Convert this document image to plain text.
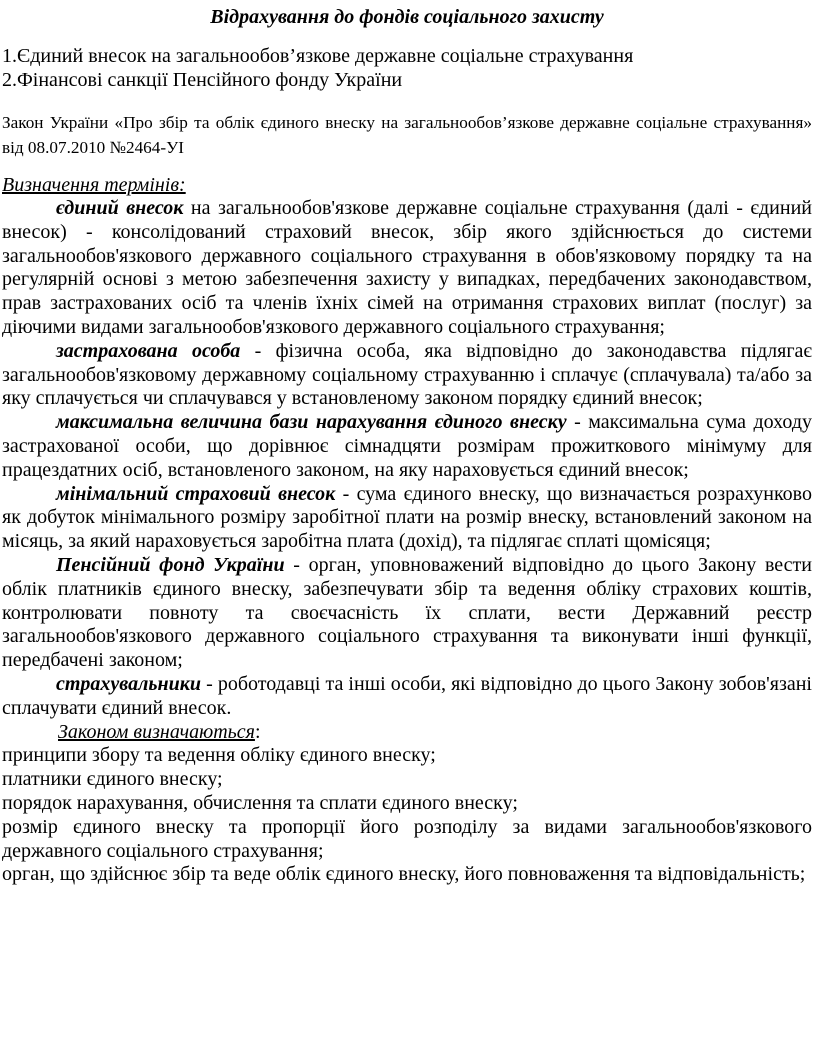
Відрахування до фондів соціального захисту

1.Єдиний внесок на загальнообов’язкове державне соціальне страхування

2.Фінансові санкції Пенсійного фонду України

Закон України «Про збір та облік єдиного внеску на загальнообов’язкове державне соціальне страхування» від 08.07.2010 №2464-УІ

Визначення термінів:

єдиний внесок на загальнообов'язкове державне соціальне страхування (далі - єдиний внесок) - консолідований страховий внесок, збір якого здійснюється до системи загальнообов'язкового державного соціального страхування в обов'язковому порядку та на регулярній основі з метою забезпечення захисту у випадках, передбачених законодавством, прав застрахованих осіб та членів їхніх сімей на отримання страхових виплат (послуг) за діючими видами загальнообов'язкового державного соціального страхування;

застрахована особа - фізична особа, яка відповідно до законодавства підлягає загальнообов'язковому державному соціальному страхуванню і сплачує (сплачувала) та/або за яку сплачується чи сплачувався у встановленому законом порядку єдиний внесок;

максимальна величина бази нарахування єдиного внеску - максимальна сума доходу застрахованої особи, що дорівнює сімнадцяти розмірам прожиткового мінімуму для працездатних осіб, встановленого законом, на яку нараховується єдиний внесок;

мінімальний страховий внесок - сума єдиного внеску, що визначається розрахунково як добуток мінімального розміру заробітної плати на розмір внеску, встановлений законом на місяць, за який нараховується заробітна плата (дохід), та підлягає сплаті щомісяця;

Пенсійний фонд України - орган, уповноважений відповідно до цього Закону вести облік платників єдиного внеску, забезпечувати збір та ведення обліку страхових коштів, контролювати повноту та своєчасність їх сплати, вести Державний реєстр загальнообов'язкового державного соціального страхування та виконувати інші функції, передбачені законом;

страхувальники - роботодавці та інші особи, які відповідно до цього Закону зобов'язані сплачувати єдиний внесок.

Законом визначаються:

принципи збору та ведення обліку єдиного внеску;

платники єдиного внеску;

порядок нарахування, обчислення та сплати єдиного внеску;

розмір єдиного внеску та пропорції його розподілу за видами загальнообов'язкового державного соціального страхування;

орган, що здійснює збір та веде облік єдиного внеску, його повноваження та відповідальність;
